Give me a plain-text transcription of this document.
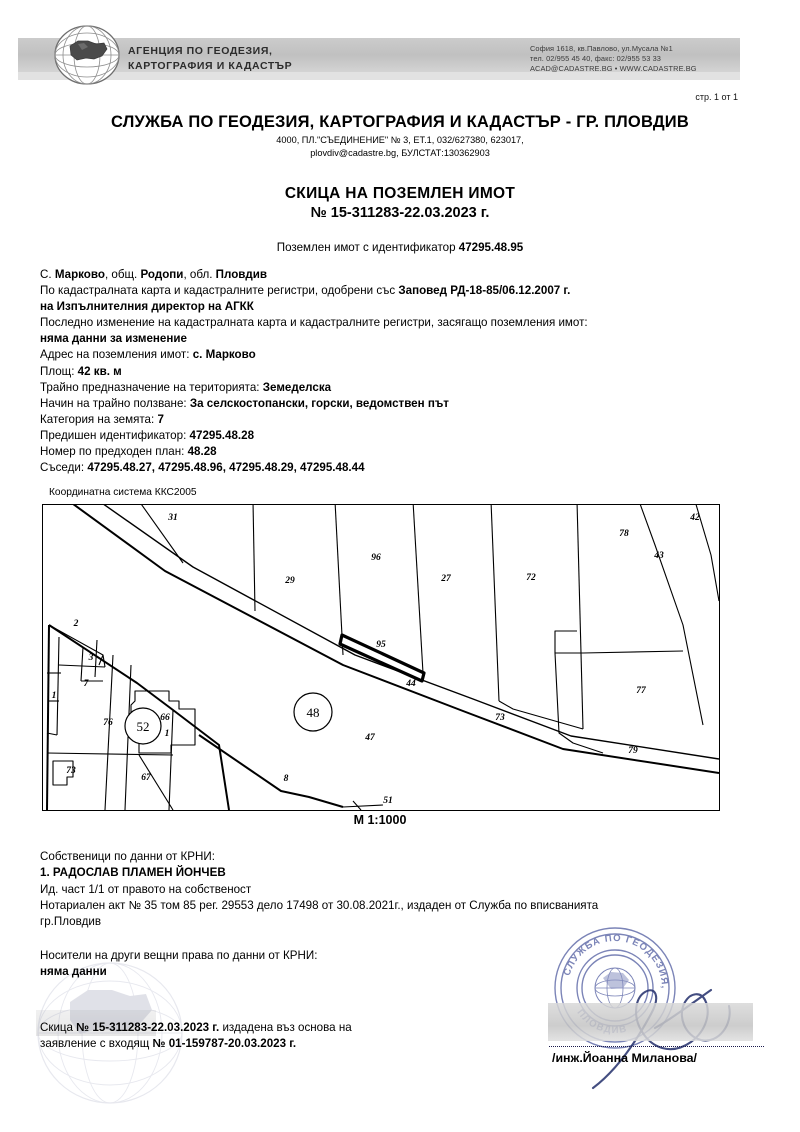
АГЕНЦИЯ ПО ГЕОДЕЗИЯ,
КАРТОГРАФИЯ И КАДАСТЪР
София 1618, кв.Павлово, ул.Мусала №1
тел. 02/955 45 40, факс: 02/955 53 33
ACAD@CADASTRE.BG • WWW.CADASTRE.BG
стр. 1 от 1
СЛУЖБА ПО ГЕОДЕЗИЯ, КАРТОГРАФИЯ И КАДАСТЪР - ГР. ПЛОВДИВ
4000, ПЛ."СЪЕДИНЕНИЕ" № 3, ЕТ.1, 032/627380, 623017,
plovdiv@cadastre.bg, БУЛСТАТ:130362903
СКИЦА НА ПОЗЕМЛЕН ИМОТ
№ 15-311283-22.03.2023 г.
Поземлен имот с идентификатор 47295.48.95
С. Марково, общ. Родопи, обл. Пловдив
По кадастралната карта и кадастралните регистри, одобрени със Заповед РД-18-85/06.12.2007 г.
на Изпълнителния директор на АГКК
Последно изменение на кадастралната карта и кадастралните регистри, засягащо поземления имот:
няма данни за изменение
Адрес на поземления имот: с. Марково
Площ: 42 кв. м
Трайно предназначение на територията: Земеделска
Начин на трайно ползване: За селскостопански, горски, ведомствен път
Категория на земята: 7
Предишен идентификатор: 47295.48.28
Номер по предходен план: 48.28
Съседи: 47295.48.27, 47295.48.96, 47295.48.29, 47295.48.44
Координатна система ККС2005
31
29
96
27	72
78
42
43
77
79
73
95
44
47
8
51
2
3
7
1
76	66
1
73
67
48
52
M 1:1000
Собственици по данни от КРНИ:
1. РАДОСЛАВ ПЛАМЕН ЙОНЧЕВ
Ид. част 1/1 от правото на собственост
Нотариален акт № 35 том 85 рег. 29553 дело 17498 от 30.08.2021г., издаден от Служба по вписванията
гр.Пловдив
Носители на други вещни права по данни от КРНИ:
няма данни
Скица № 15-311283-22.03.2023 г. издадена въз основа на
заявление с входящ № 01-159787-20.03.2023 г.
СЛУЖБА ПО ГЕОДЕЗИЯ, КАРТОГРАФИЯ
/инж.Йоанна Миланова/
